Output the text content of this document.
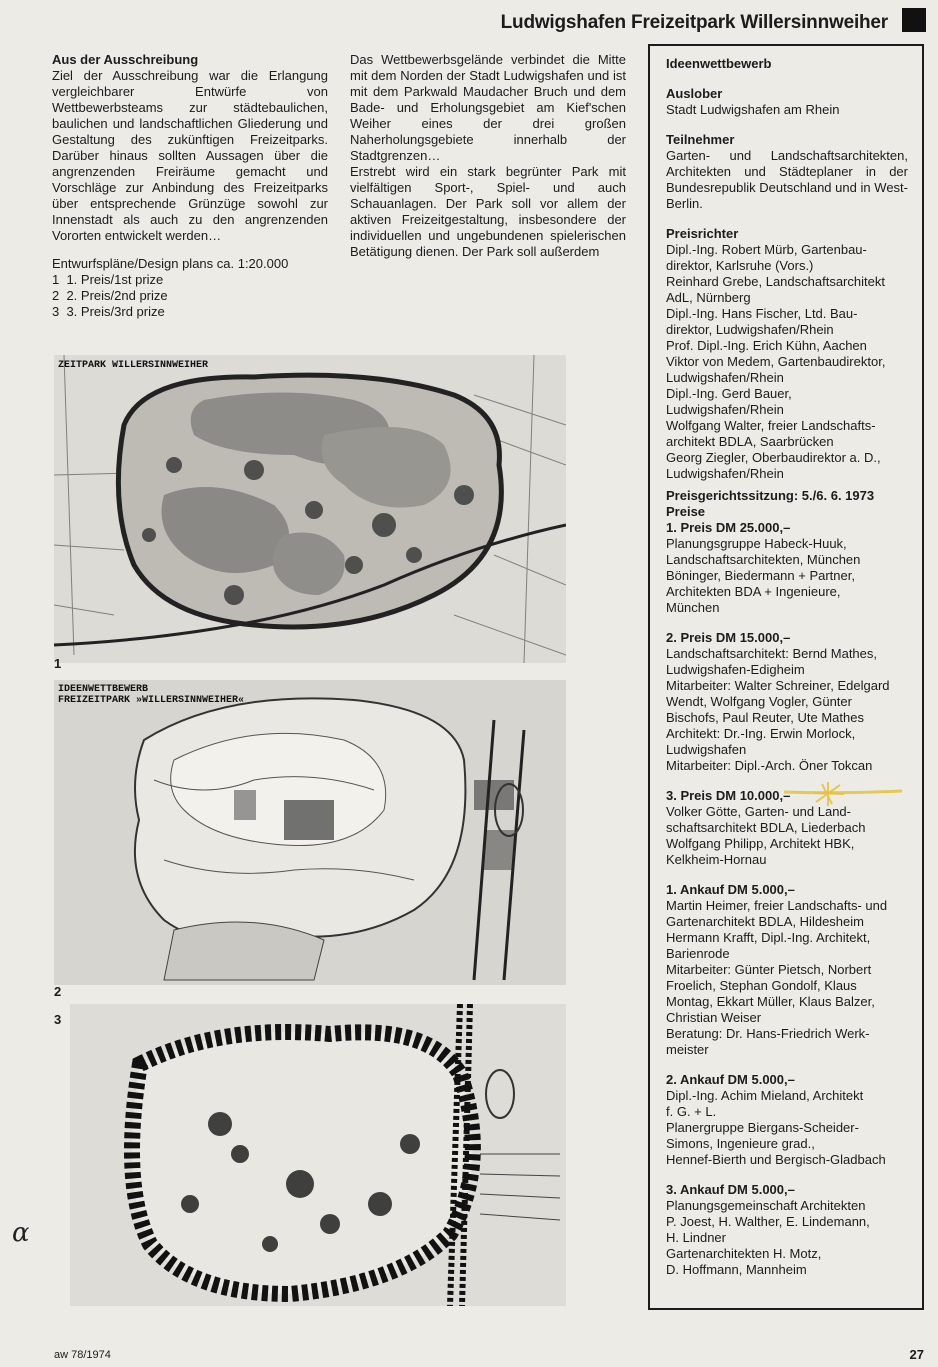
Ludwigshafen Freizeitpark Willersinnweiher
Aus der Ausschreibung
Ziel der Ausschreibung war die Erlangung vergleichbarer Entwürfe von Wettbewerbsteams zur städtebaulichen, baulichen und landschaftlichen Gliederung und Gestaltung des zukünftigen Freizeitparks. Darüber hinaus sollten Aussagen über die angrenzenden Freiräume gemacht und Vorschläge zur Anbindung des Freizeitparks über entsprechende Grünzüge sowohl zur Innenstadt als auch zu den angrenzenden Vororten entwickelt werden…
Entwurfspläne/Design plans ca. 1:20.000
1  1. Preis/1st prize
2  2. Preis/2nd prize
3  3. Preis/3rd prize
Das Wettbewerbsgelände verbindet die Mitte mit dem Norden der Stadt Ludwigshafen und ist mit dem Parkwald Maudacher Bruch und dem Bade- und Erholungsgebiet am Kief'schen Weiher eines der drei großen Naherholungsgebiete innerhalb der Stadtgrenzen…
Erstrebt wird ein stark begrünter Park mit vielfältigen Sport-, Spiel- und auch Schauanlagen. Der Park soll vor allem der aktiven Freizeitgestaltung, insbesondere der individuellen und ungebundenen spielerischen Betätigung dienen. Der Park soll außerdem
Ideenwettbewerb
Auslober
Stadt Ludwigshafen am Rhein
Teilnehmer
Garten- und Landschaftsarchitekten, Architekten und Städteplaner in der Bundesrepublik Deutschland und in West-Berlin.
Preisrichter
Dipl.-Ing. Robert Mürb, Gartenbau-
direktor, Karlsruhe (Vors.)
Reinhard Grebe, Landschaftsarchitekt
AdL, Nürnberg
Dipl.-Ing. Hans Fischer, Ltd. Bau-
direktor, Ludwigshafen/Rhein
Prof. Dipl.-Ing. Erich Kühn, Aachen
Viktor von Medem, Gartenbaudirektor,
Ludwigshafen/Rhein
Dipl.-Ing. Gerd Bauer,
Ludwigshafen/Rhein
Wolfgang Walter, freier Landschafts-
architekt BDLA, Saarbrücken
Georg Ziegler, Oberbaudirektor a. D.,
Ludwigshafen/Rhein
Preisgerichtssitzung: 5./6. 6. 1973
Preise
1. Preis DM 25.000,–
Planungsgruppe Habeck-Huuk,
Landschaftsarchitekten, München
Böninger, Biedermann + Partner,
Architekten BDA + Ingenieure,
München
2. Preis DM 15.000,–
Landschaftsarchitekt: Bernd Mathes,
Ludwigshafen-Edigheim
Mitarbeiter: Walter Schreiner, Edelgard
Wendt, Wolfgang Vogler, Günter
Bischofs, Paul Reuter, Ute Mathes
Architekt: Dr.-Ing. Erwin Morlock,
Ludwigshafen
Mitarbeiter: Dipl.-Arch. Öner Tokcan
3. Preis DM 10.000,–
Volker Götte, Garten- und Land-
schaftsarchitekt BDLA, Liederbach
Wolfgang Philipp, Architekt HBK,
Kelkheim-Hornau
1. Ankauf DM 5.000,–
Martin Heimer, freier Landschafts- und
Gartenarchitekt BDLA, Hildesheim
Hermann Krafft, Dipl.-Ing. Architekt,
Barienrode
Mitarbeiter: Günter Pietsch, Norbert
Froelich, Stephan Gondolf, Klaus
Montag, Ekkart Müller, Klaus Balzer,
Christian Weiser
Beratung: Dr. Hans-Friedrich Werk-
meister
2. Ankauf DM 5.000,–
Dipl.-Ing. Achim Mieland, Architekt
f. G. + L.
Planergruppe Biergans-Scheider-
Simons, Ingenieure grad.,
Hennef-Bierth und Bergisch-Gladbach
3. Ankauf DM 5.000,–
Planungsgemeinschaft Architekten
P. Joest, H. Walther, E. Lindemann,
H. Lindner
Gartenarchitekten H. Motz,
D. Hoffmann, Mannheim
ZEITPARK WILLERSINNWEIHER
1
IDEENWETTBEWERB
FREIZEITPARK »WILLERSINNWEIHER«
2
3
α
aw 78/1974	27
